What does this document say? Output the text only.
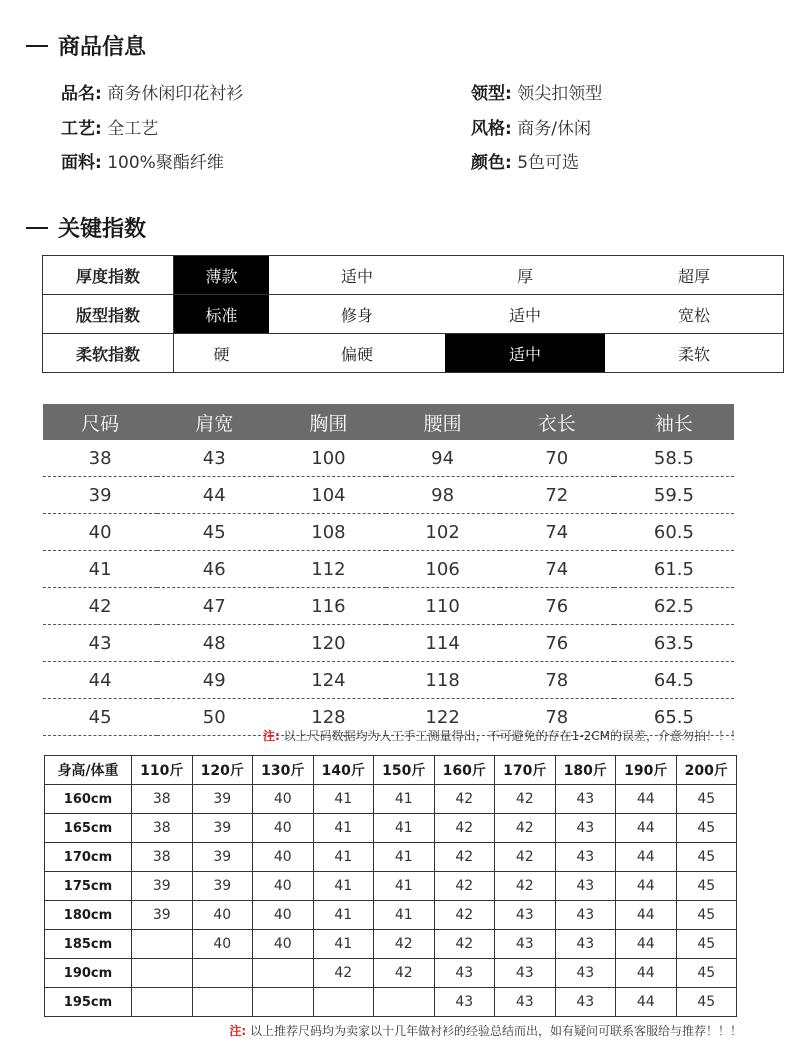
商品信息
品名: 商务休闲印花衬衫
工艺: 全工艺
面料: 100%聚酯纤维
领型: 领尖扣领型
风格: 商务/休闲
颜色: 5色可选
关键指数
厚度指数	薄款	适中	厚	超厚
版型指数	标准	修身	适中	宽松
柔软指数	硬	偏硬	适中	柔软
尺码	肩宽	胸围	腰围	衣长	袖长
38	43	100	94	70	58.5
39	44	104	98	72	59.5
40	45	108	102	74	60.5
41	46	112	106	74	61.5
42	47	116	110	76	62.5
43	48	120	114	76	63.5
44	49	124	118	78	64.5
45	50	128	122	78	65.5
注: 以上尺码数据均为人工手工测量得出，不可避免的存在1-2CM的误差，介意勿拍！！！
身高/体重	110斤	120斤	130斤	140斤	150斤	160斤	170斤	180斤	190斤	200斤
160cm	38	39	40	41	41	42	42	43	44	45
165cm	38	39	40	41	41	42	42	43	44	45
170cm	38	39	40	41	41	42	42	43	44	45
175cm	39	39	40	41	41	42	42	43	44	45
180cm	39	40	40	41	41	42	43	43	44	45
185cm		40	40	41	42	42	43	43	44	45
190cm				42	42	43	43	43	44	45
195cm						43	43	43	44	45
注: 以上推荐尺码均为卖家以十几年做衬衫的经验总结而出，如有疑问可联系客服给与推荐！！！
